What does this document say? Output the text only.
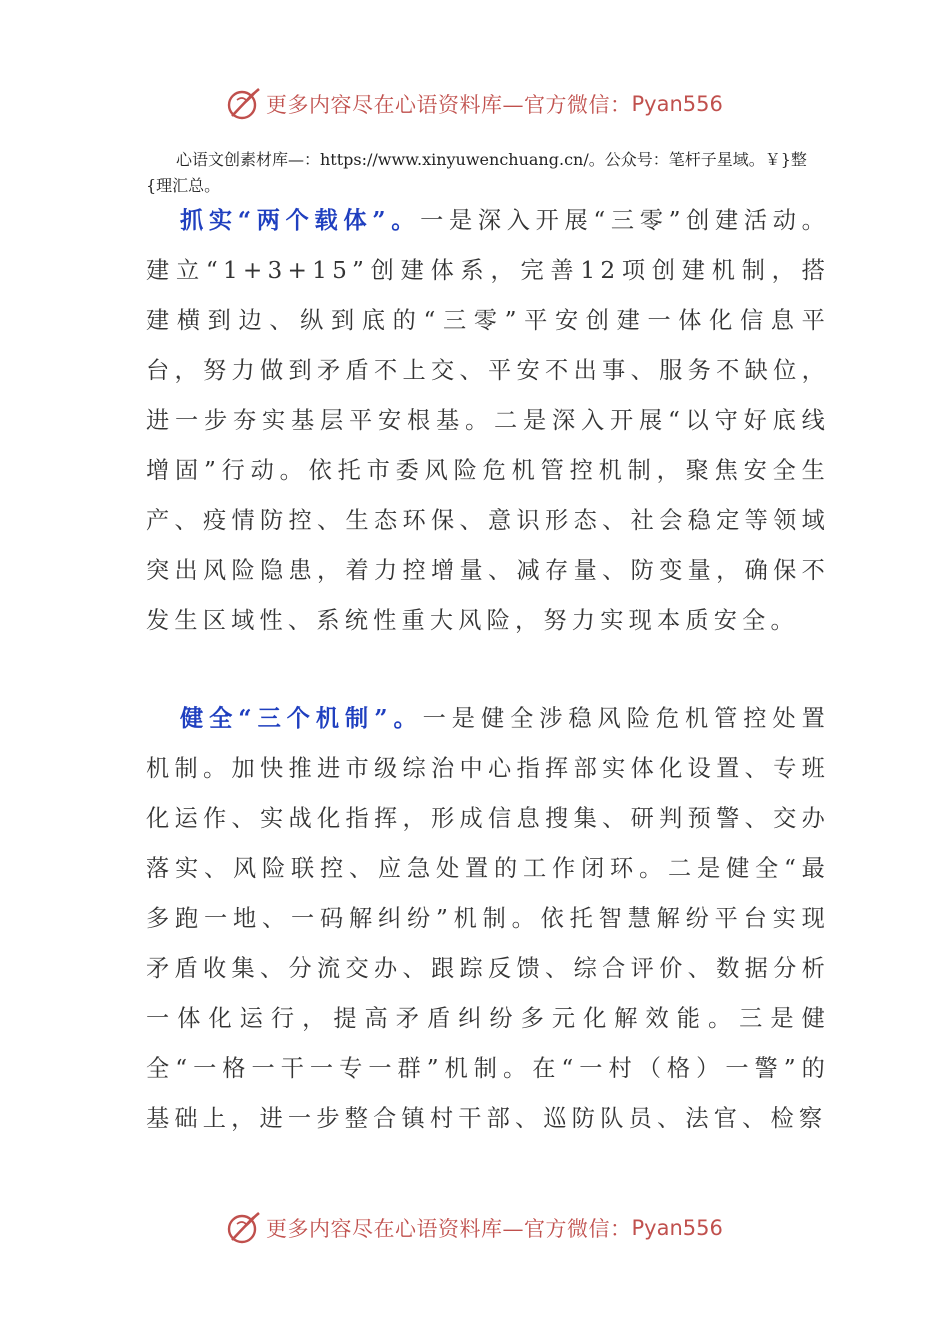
更多内容尽在心语资料库—官方微信： Pyan556
心语文创素材库—：https://www.xinyuwenchuang.cn/。公众号：笔杆子星域。￥}整{理汇总。

抓实“两个载体”。一是深入开展“三零”创建活动。建立“1+3+15”创建体系，完善12项创建机制，搭建横到边、纵到底的“三零”平安创建一体化信息平台，努力做到矛盾不上交、平安不出事、服务不缺位，进一步夯实基层平安根基。二是深入开展“以守好底线增固”行动。依托市委风险危机管控机制，聚焦安全生产、疫情防控、生态环保、意识形态、社会稳定等领域突出风险隐患，着力控增量、减存量、防变量，确保不发生区域性、系统性重大风险，努力实现本质安全。

健全“三个机制”。一是健全涉稳风险危机管控处置机制。加快推进市级综治中心指挥部实体化设置、专班化运作、实战化指挥，形成信息搜集、研判预警、交办落实、风险联控、应急处置的工作闭环。二是健全“最多跑一地、一码解纠纷”机制。依托智慧解纷平台实现矛盾收集、分流交办、跟踪反馈、综合评价、数据分析一体化运行，提高矛盾纠纷多元化解效能。三是健全“一格一干一专一群”机制。在“一村（格）一警”的基础上，进一步整合镇村干部、巡防队员、法官、检察

更多内容尽在心语资料库—官方微信： Pyan556
